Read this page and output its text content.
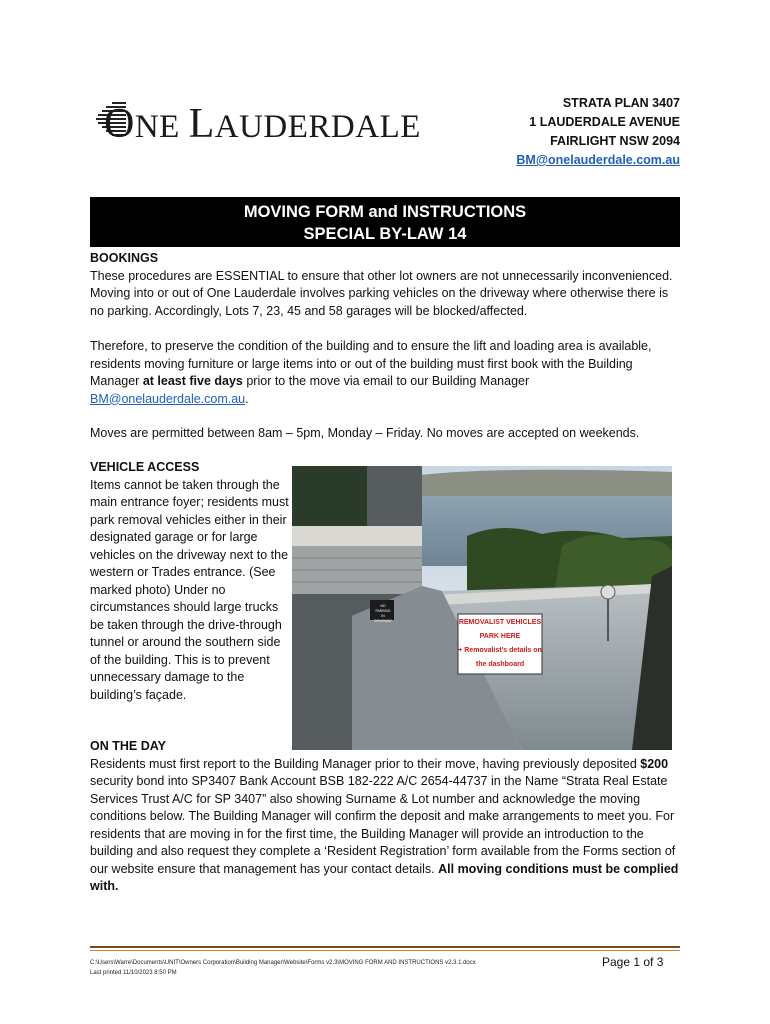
ONE LAUDERDALE
STRATA PLAN 3407
1 LAUDERDALE AVENUE
FAIRLIGHT NSW 2094
BM@onelauderdale.com.au
MOVING FORM and INSTRUCTIONS
SPECIAL BY-LAW 14
BOOKINGS
These procedures are ESSENTIAL to ensure that other lot owners are not unnecessarily inconvenienced. Moving into or out of One Lauderdale involves parking vehicles on the driveway where otherwise there is no parking. Accordingly, Lots 7, 23, 45 and 58 garages will be blocked/affected.
Therefore, to preserve the condition of the building and to ensure the lift and loading area is available, residents moving furniture or large items into or out of the building must first book with the Building Manager at least five days prior to the move via email to our Building Manager BM@onelauderdale.com.au.
Moves are permitted between 8am – 5pm, Monday – Friday. No moves are accepted on weekends.
VEHICLE ACCESS
Items cannot be taken through the main entrance foyer; residents must park removal vehicles either in their designated garage or for large vehicles on the driveway next to the western or Trades entrance. (See marked photo) Under no circumstances should large trucks be taken through the drive-through tunnel or around the southern side of the building. This is to prevent unnecessary damage to the building’s façade.
NO PARKING
IN DRIVEWAY	REMOVALIST VEHICLES
PARK HERE
+ Removalist's details on
the dashboard
ON THE DAY
Residents must first report to the Building Manager prior to their move, having previously deposited $200 security bond into SP3407 Bank Account BSB 182-222 A/C 2654-44737 in the Name “Strata Real Estate Services Trust A/C for SP 3407” also showing Surname & Lot number and acknowledge the moving conditions below. The Building Manager will confirm the deposit and make arrangements to meet you. For residents that are moving in for the first time, the Building Manager will provide an introduction to the building and also request they complete a ‘Resident Registration’ form available from the Forms section of our website ensure that management has your contact details. All moving conditions must be complied with.
C:\Users\Warre\Documents\UNIT\Owners Corporation\Building Manager\Website\Forms v2.3\MOVING FORM AND INSTRUCTIONS v2.3.1.docx
Last printed 11/10/2023 8:50 PM
Page 1 of 3
